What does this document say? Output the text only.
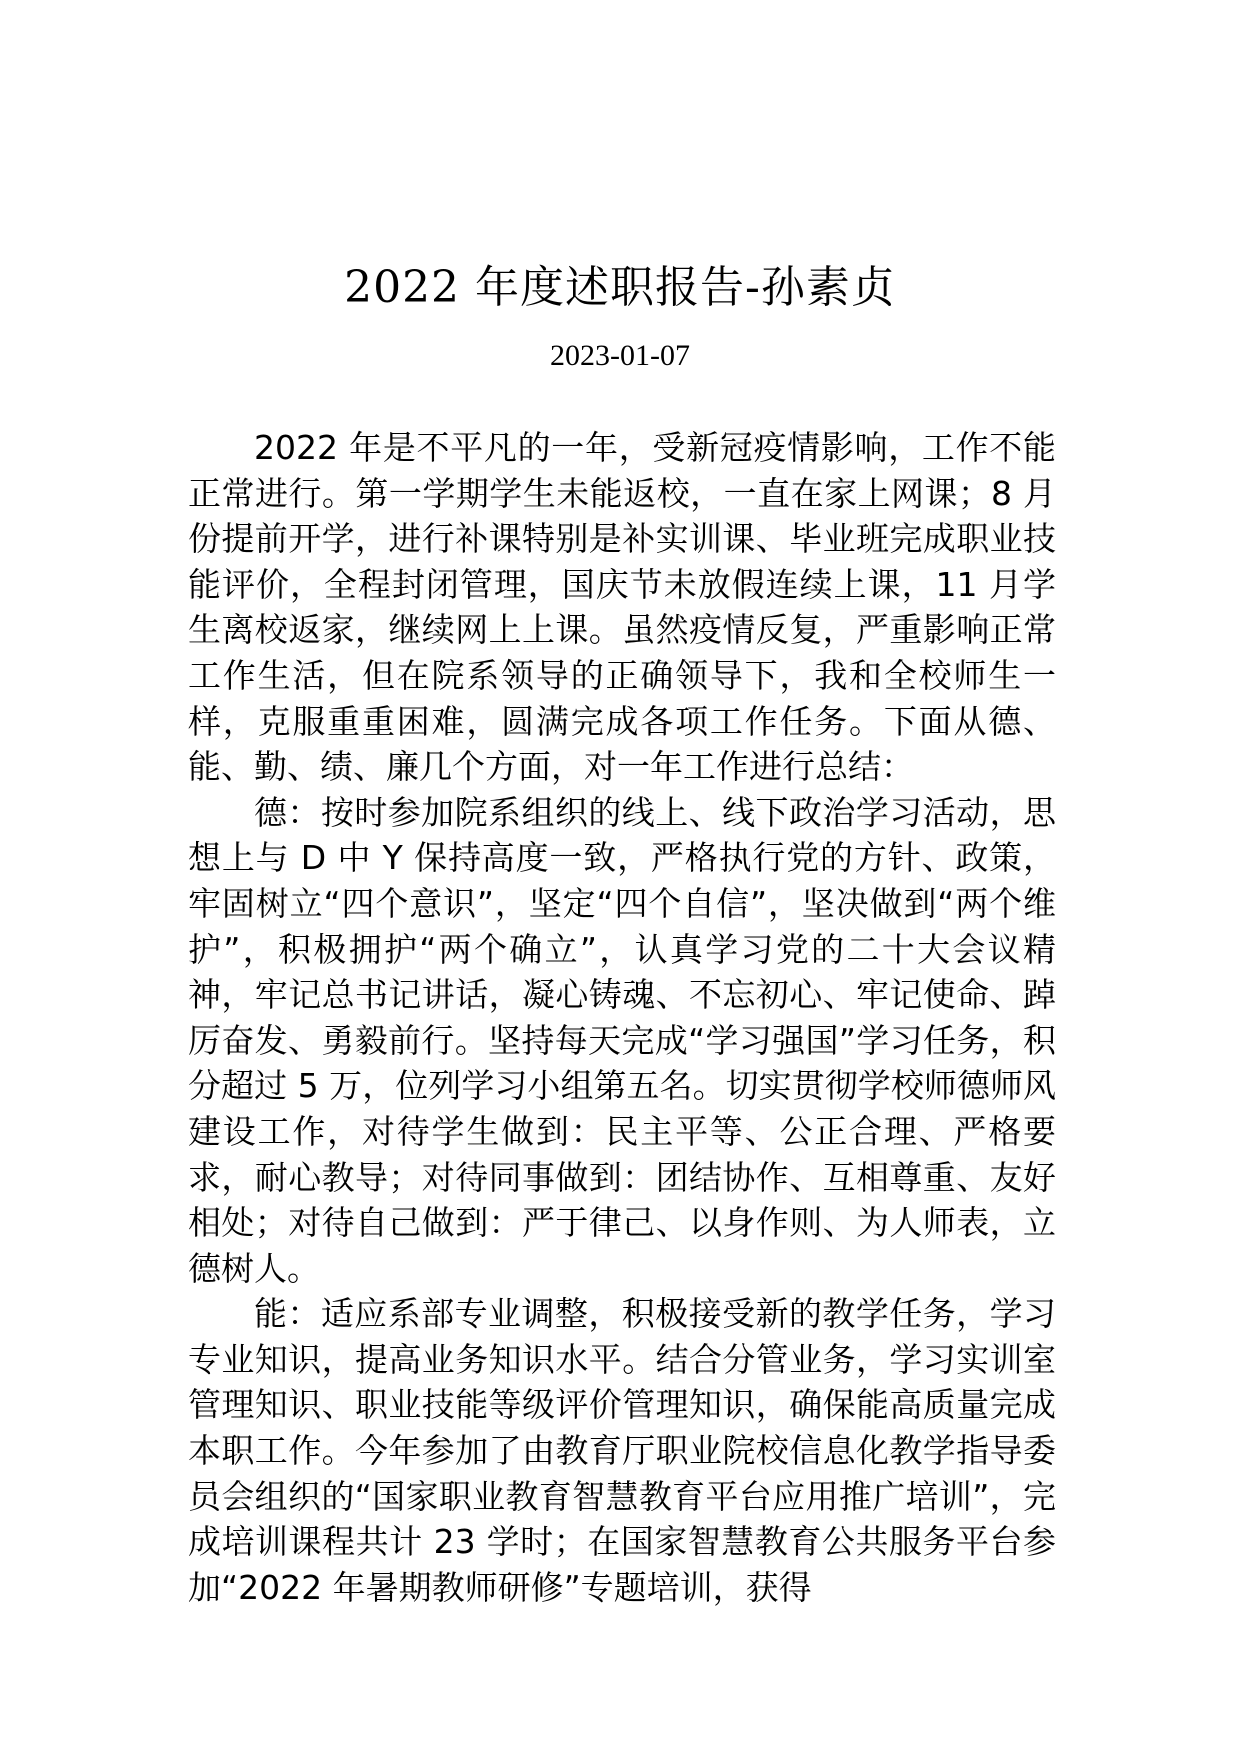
2022 年度述职报告-孙素贞
2023-01-07

2022 年是不平凡的一年，受新冠疫情影响，工作不能正常进行。第一学期学生未能返校，一直在家上网课；8 月份提前开学，进行补课特别是补实训课、毕业班完成职业技能评价，全程封闭管理，国庆节未放假连续上课，11 月学生离校返家，继续网上上课。虽然疫情反复，严重影响正常工作生活，但在院系领导的正确领导下，我和全校师生一样，克服重重困难，圆满完成各项工作任务。下面从德、能、勤、绩、廉几个方面，对一年工作进行总结：

德：按时参加院系组织的线上、线下政治学习活动，思想上与 D 中 Y 保持高度一致，严格执行党的方针、政策，牢固树立“四个意识”，坚定“四个自信”，坚决做到“两个维护”，积极拥护“两个确立”，认真学习党的二十大会议精神，牢记总书记讲话，凝心铸魂、不忘初心、牢记使命、踔厉奋发、勇毅前行。坚持每天完成“学习强国”学习任务，积分超过 5 万，位列学习小组第五名。切实贯彻学校师德师风建设工作，对待学生做到：民主平等、公正合理、严格要求，耐心教导；对待同事做到：团结协作、互相尊重、友好相处；对待自己做到：严于律己、以身作则、为人师表，立德树人。

能：适应系部专业调整，积极接受新的教学任务，学习专业知识，提高业务知识水平。结合分管业务，学习实训室管理知识、职业技能等级评价管理知识，确保能高质量完成本职工作。今年参加了由教育厅职业院校信息化教学指导委员会组织的“国家职业教育智慧教育平台应用推广培训”，完成培训课程共计 23 学时；在国家智慧教育公共服务平台参加“2022 年暑期教师研修”专题培训，获得
